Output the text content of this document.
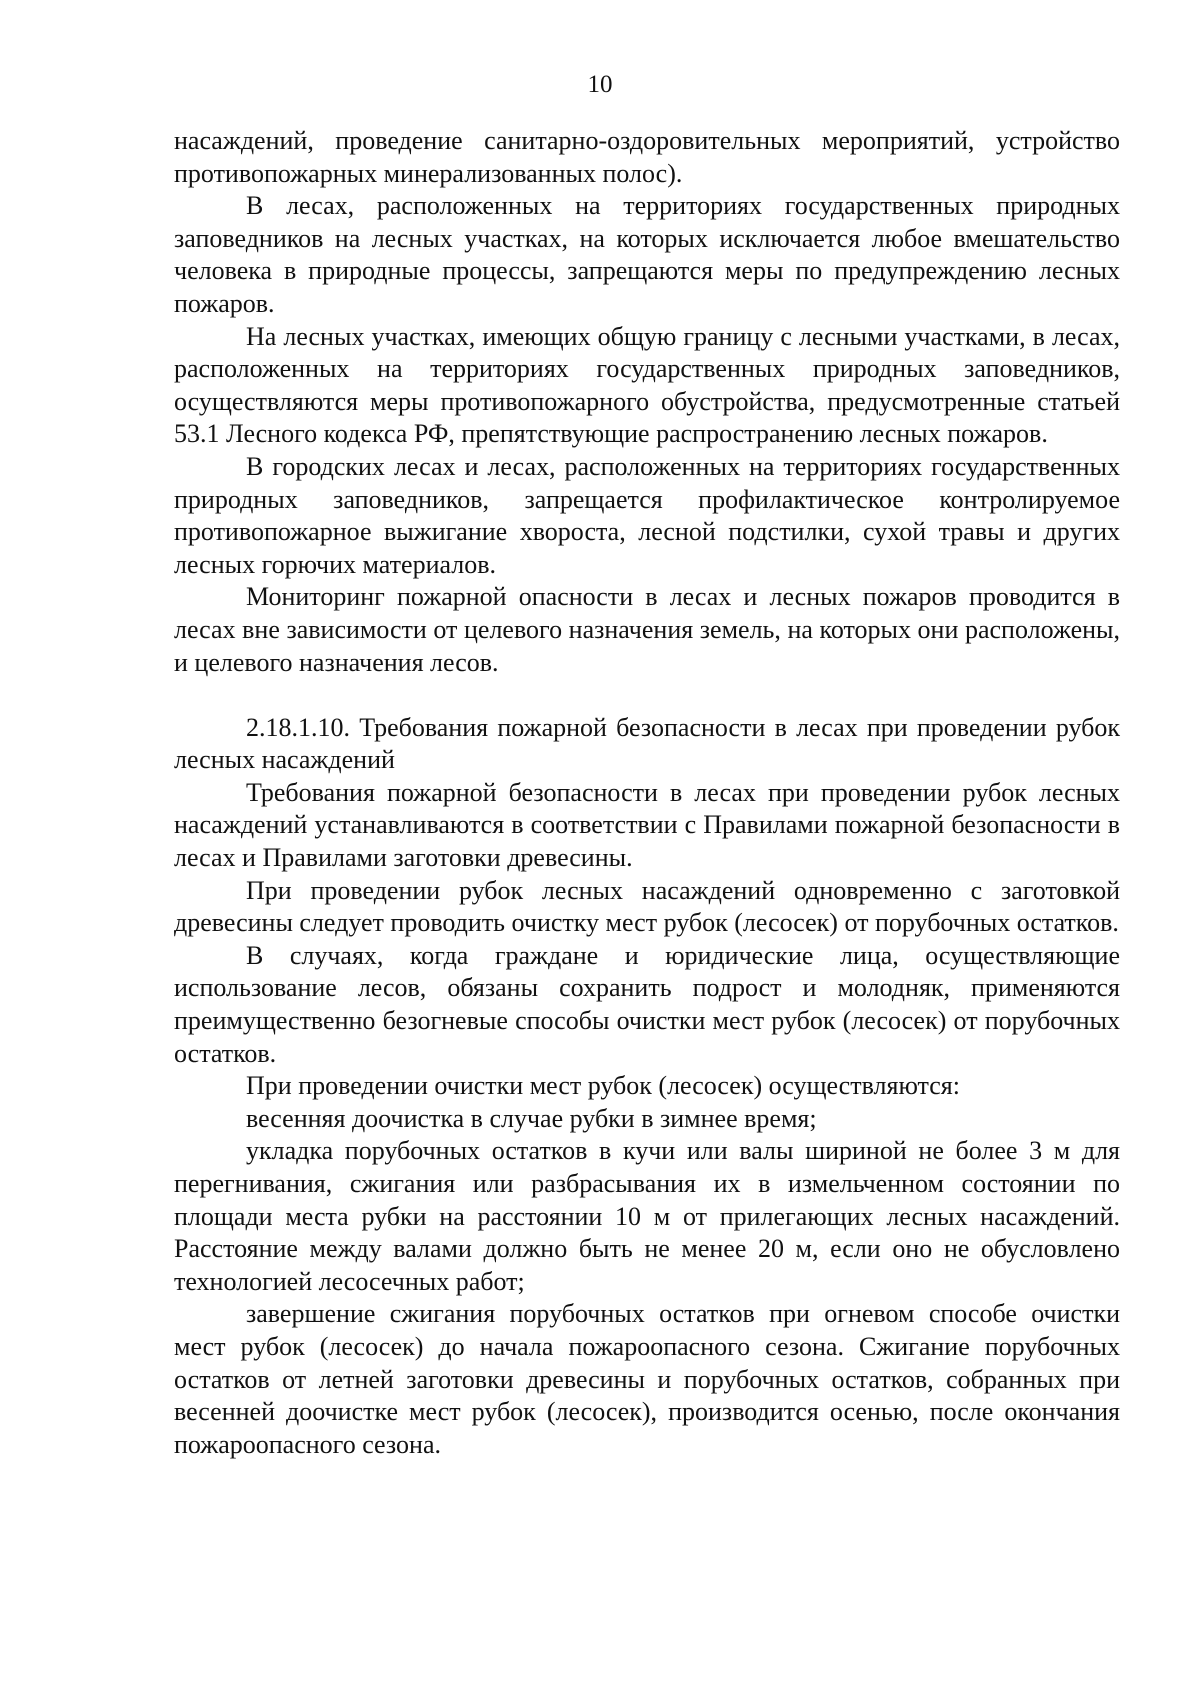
10

насаждений, проведение санитарно-оздоровительных мероприятий, устройство противопожарных минерализованных полос).

В лесах, расположенных на территориях государственных природных заповедников на лесных участках, на которых исключается любое вмешательство человека в природные процессы, запрещаются меры по предупреждению лесных пожаров.

На лесных участках, имеющих общую границу с лесными участками, в лесах, расположенных на территориях государственных природных заповедников, осуществляются меры противопожарного обустройства, предусмотренные статьей 53.1 Лесного кодекса РФ, препятствующие распространению лесных пожаров.

В городских лесах и лесах, расположенных на территориях государственных природных заповедников, запрещается профилактическое контролируемое противопожарное выжигание хвороста, лесной подстилки, сухой травы и других лесных горючих материалов.

Мониторинг пожарной опасности в лесах и лесных пожаров проводится в лесах вне зависимости от целевого назначения земель, на которых они расположены, и целевого назначения лесов.

2.18.1.10. Требования пожарной безопасности в лесах при проведении рубок лесных насаждений

Требования пожарной безопасности в лесах при проведении рубок лесных насаждений устанавливаются в соответствии с Правилами пожарной безопасности в лесах и Правилами заготовки древесины.

При проведении рубок лесных насаждений одновременно с заготовкой древесины следует проводить очистку мест рубок (лесосек) от порубочных остатков.

В случаях, когда граждане и юридические лица, осуществляющие использование лесов, обязаны сохранить подрост и молодняк, применяются преимущественно безогневые способы очистки мест рубок (лесосек) от порубочных остатков.

При проведении очистки мест рубок (лесосек) осуществляются:

весенняя доочистка в случае рубки в зимнее время;

укладка порубочных остатков в кучи или валы шириной не более 3 м для перегнивания, сжигания или разбрасывания их в измельченном состоянии по площади места рубки на расстоянии 10 м от прилегающих лесных насаждений. Расстояние между валами должно быть не менее 20 м, если оно не обусловлено технологией лесосечных работ;

завершение сжигания порубочных остатков при огневом способе очистки мест рубок (лесосек) до начала пожароопасного сезона. Сжигание порубочных остатков от летней заготовки древесины и порубочных остатков, собранных при весенней доочистке мест рубок (лесосек), производится осенью, после окончания пожароопасного сезона.
